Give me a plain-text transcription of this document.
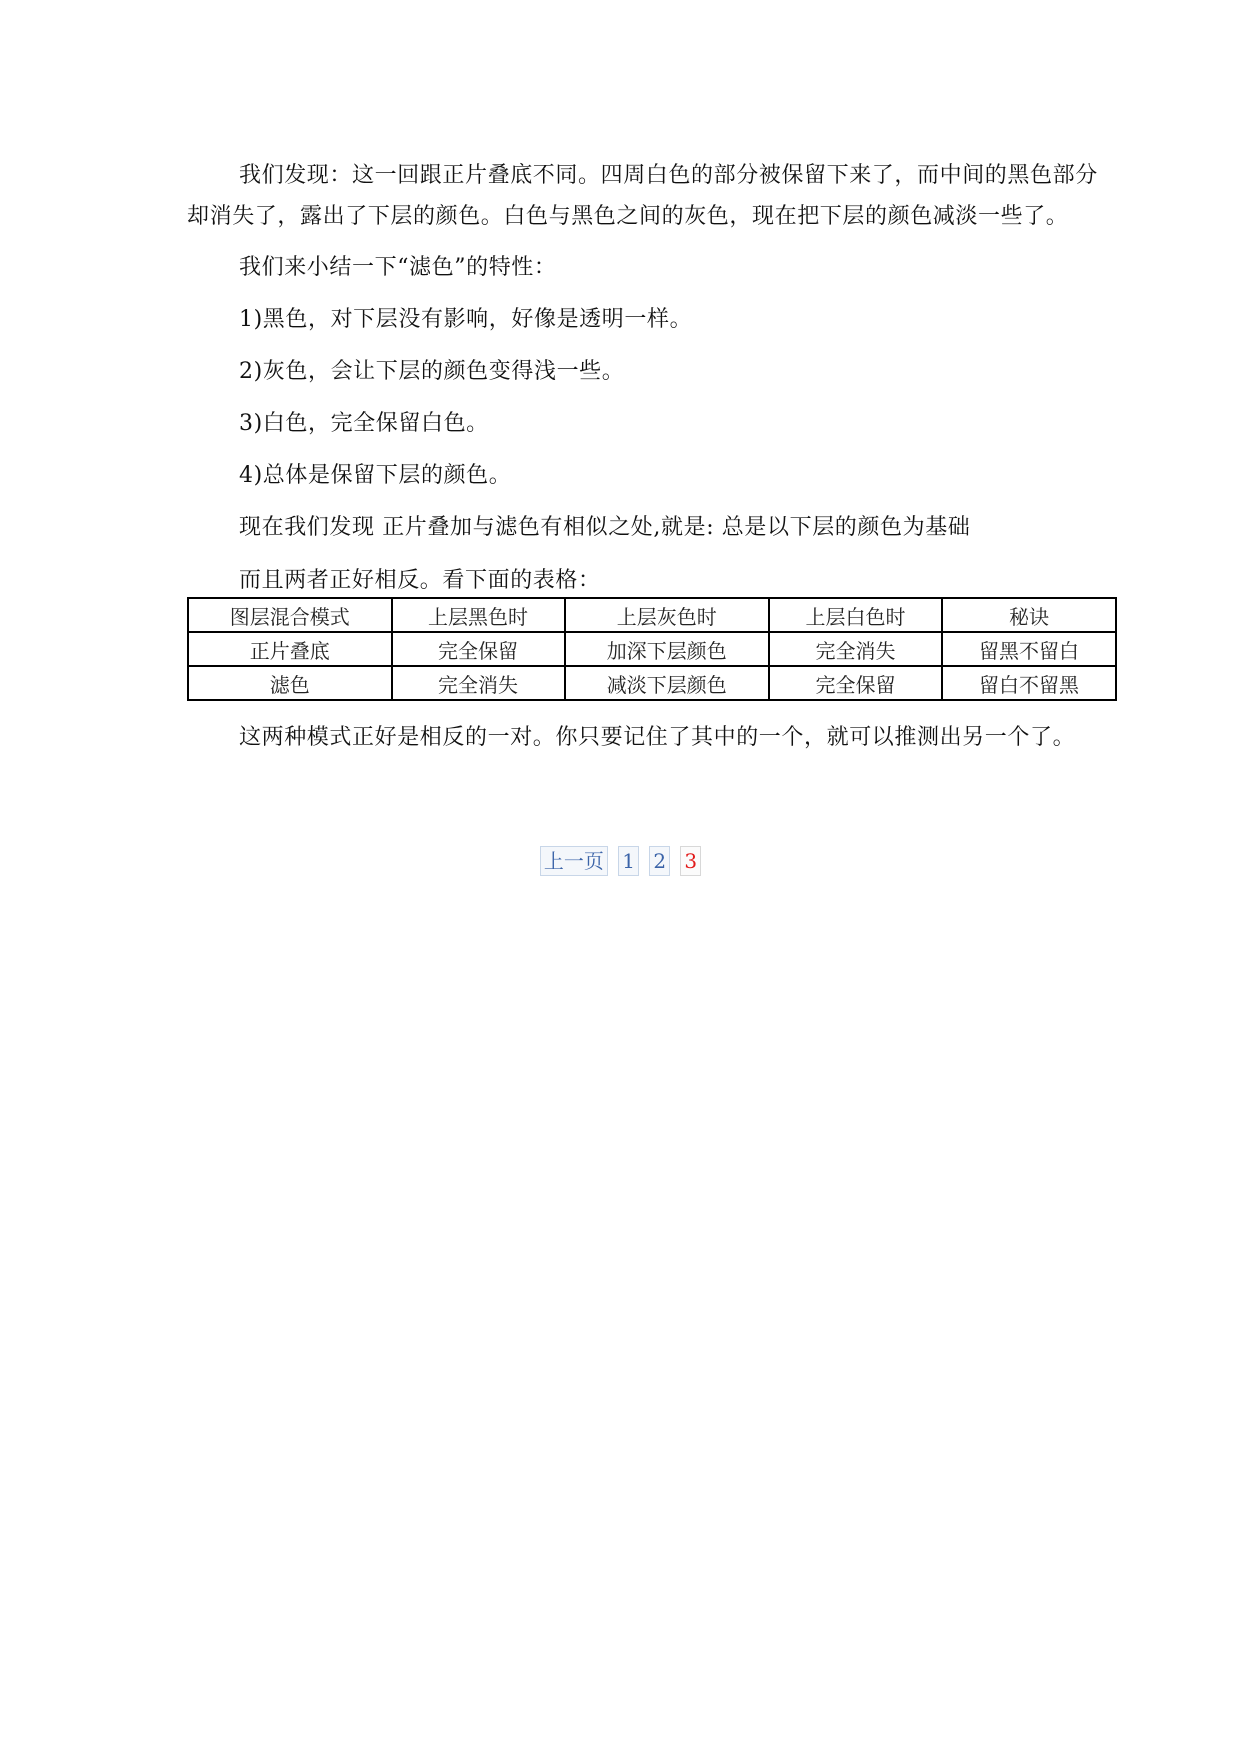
我们发现：这一回跟正片叠底不同。四周白色的部分被保留下来了，而中间的黑色部分却消失了，露出了下层的颜色。白色与黑色之间的灰色，现在把下层的颜色减淡一些了。

我们来小结一下“滤色”的特性：

1)黑色，对下层没有影响，好像是透明一样。

2)灰色，会让下层的颜色变得浅一些。

3)白色，完全保留白色。

4)总体是保留下层的颜色。

现在我们发现 正片叠加与滤色有相似之处,就是: 总是以下层的颜色为基础

而且两者正好相反。看下面的表格：

图层混合模式	上层黑色时	上层灰色时	上层白色时	秘诀
正片叠底	完全保留	加深下层颜色	完全消失	留黑不留白
滤色	完全消失	减淡下层颜色	完全保留	留白不留黑

这两种模式正好是相反的一对。你只要记住了其中的一个，就可以推测出另一个了。

上一页 1 2 3
